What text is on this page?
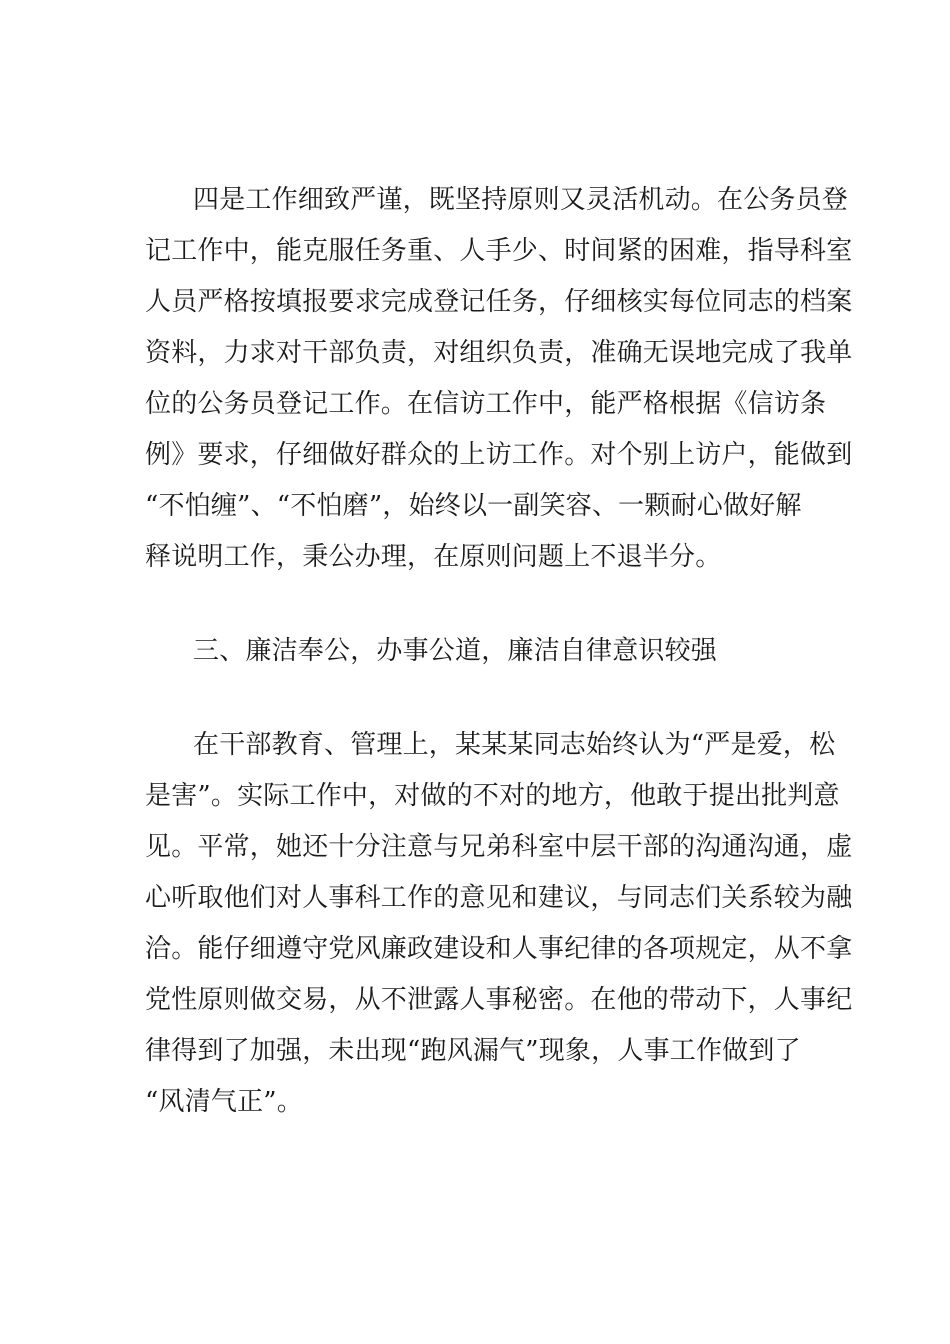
四是工作细致严谨，既坚持原则又灵活机动。在公务员登
记工作中，能克服任务重、人手少、时间紧的困难，指导科室
人员严格按填报要求完成登记任务，仔细核实每位同志的档案
资料，力求对干部负责，对组织负责，准确无误地完成了我单
位的公务员登记工作。在信访工作中，能严格根据《信访条
例》要求，仔细做好群众的上访工作。对个别上访户，能做到
“不怕缠”、“不怕磨”，始终以一副笑容、一颗耐心做好解
释说明工作，秉公办理，在原则问题上不退半分。
三、廉洁奉公，办事公道，廉洁自律意识较强
在干部教育、管理上，某某某同志始终认为“严是爱，松
是害”。实际工作中，对做的不对的地方，他敢于提出批判意
见。平常，她还十分注意与兄弟科室中层干部的沟通沟通，虚
心听取他们对人事科工作的意见和建议，与同志们关系较为融
洽。能仔细遵守党风廉政建设和人事纪律的各项规定，从不拿
党性原则做交易，从不泄露人事秘密。在他的带动下，人事纪
律得到了加强，未出现“跑风漏气”现象，人事工作做到了
“风清气正”。
